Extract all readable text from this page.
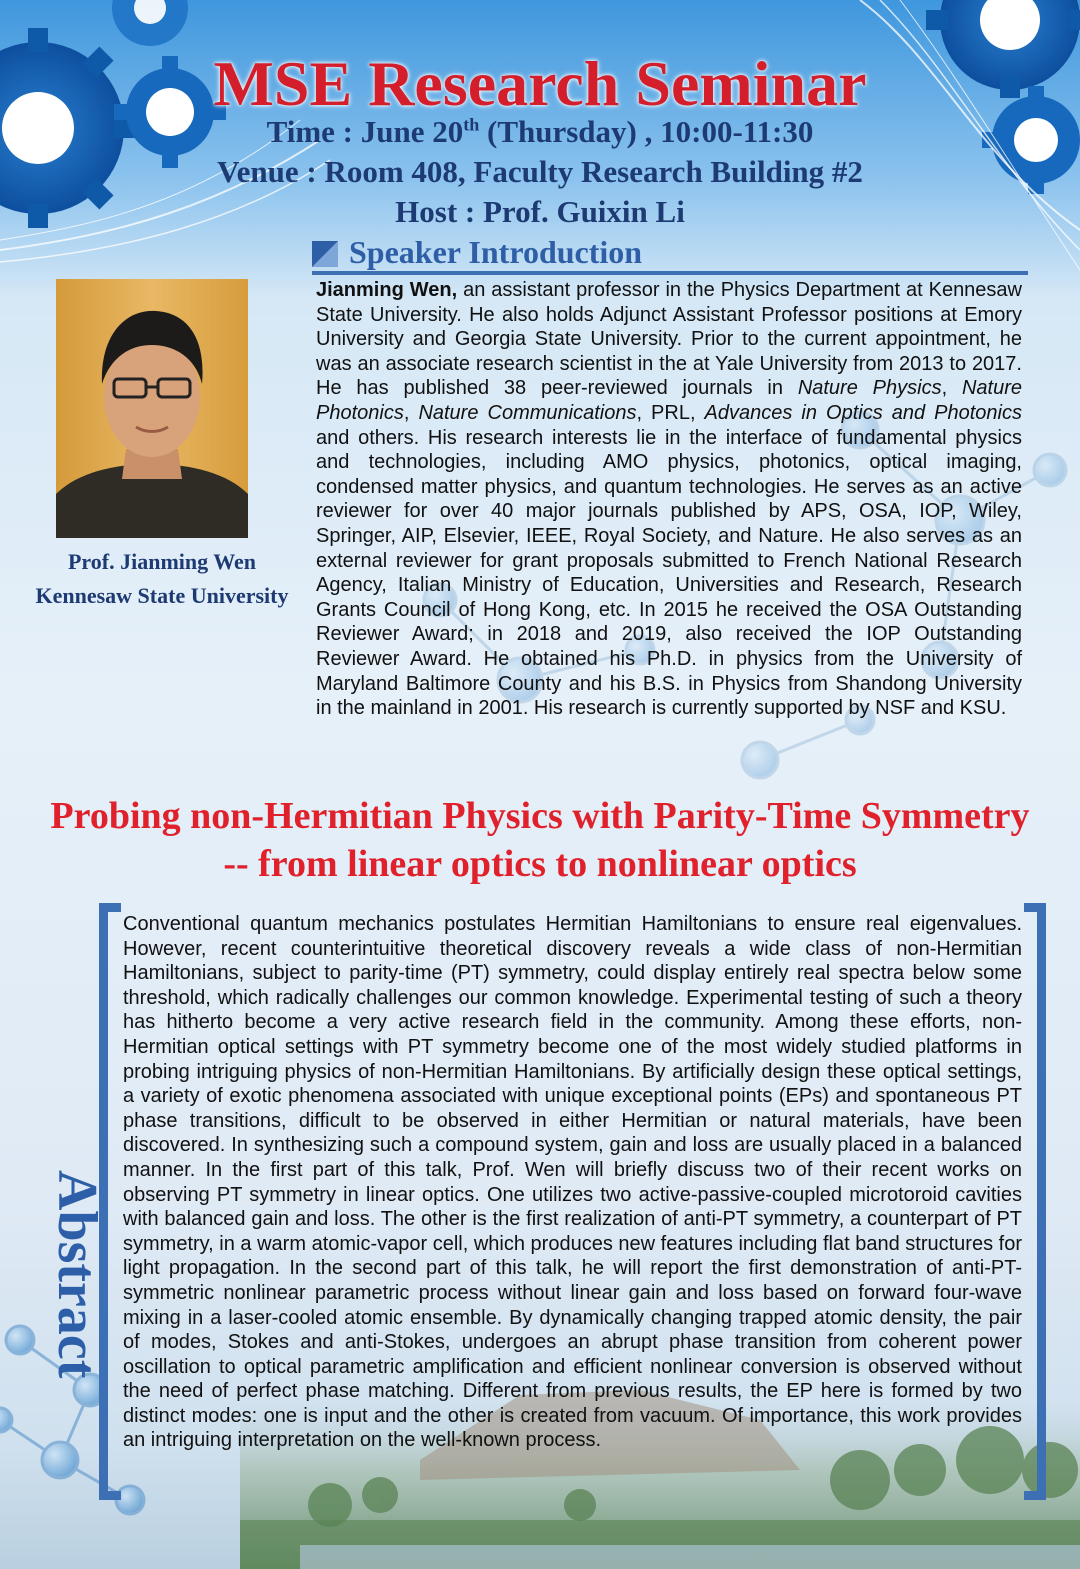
MSE Research Seminar
Time : June 20th (Thursday) , 10:00-11:30
Venue : Room 408, Faculty Research Building #2
Host : Prof. Guixin Li
Speaker Introduction
Prof. Jianming Wen
Kennesaw State University
Jianming Wen, an assistant professor in the Physics Department at Kennesaw State University. He also holds Adjunct Assistant Professor positions at Emory University and Georgia State University. Prior to the current appointment, he was an associate research scientist in the at Yale University from 2013 to 2017. He has published 38 peer-reviewed journals in Nature Physics, Nature Photonics, Nature Communications, PRL, Advances in Optics and Photonics and others. His research interests lie in the interface of fundamental physics and technologies, including AMO physics, photonics, optical imaging, condensed matter physics, and quantum technologies. He serves as an active reviewer for over 40 major journals published by APS, OSA, IOP, Wiley, Springer, AIP, Elsevier, IEEE, Royal Society, and Nature. He also serves as an external reviewer for grant proposals submitted to French National Research Agency, Italian Ministry of Education, Universities and Research, Research Grants Council of Hong Kong, etc. In 2015 he received the OSA Outstanding Reviewer Award; in 2018 and 2019, also received the IOP Outstanding Reviewer Award. He obtained his Ph.D. in physics from the University of Maryland Baltimore County and his B.S. in Physics from Shandong University in the mainland in 2001. His research is currently supported by NSF and KSU.
Probing non-Hermitian Physics with Parity-Time Symmetry
-- from linear optics to nonlinear optics
Abstract
Conventional quantum mechanics postulates Hermitian Hamiltonians to ensure real eigenvalues. However, recent counterintuitive theoretical discovery reveals a wide class of non-Hermitian Hamiltonians, subject to parity-time (PT) symmetry, could display entirely real spectra below some threshold, which radically challenges our common knowledge. Experimental testing of such a theory has hitherto become a very active research field in the community. Among these efforts, non-Hermitian optical settings with PT symmetry become one of the most widely studied platforms in probing intriguing physics of non-Hermitian Hamiltonians. By artificially design these optical settings, a variety of exotic phenomena associated with unique exceptional points (EPs) and spontaneous PT phase transitions, difficult to be observed in either Hermitian or natural materials, have been discovered. In synthesizing such a compound system, gain and loss are usually placed in a balanced manner. In the first part of this talk, Prof. Wen will briefly discuss two of their recent works on observing PT symmetry in linear optics. One utilizes two active-passive-coupled microtoroid cavities with balanced gain and loss. The other is the first realization of anti-PT symmetry, a counterpart of PT symmetry, in a warm atomic-vapor cell, which produces new features including flat band structures for light propagation. In the second part of this talk, he will report the first demonstration of anti-PT-symmetric nonlinear parametric process without linear gain and loss based on forward four-wave mixing in a laser-cooled atomic ensemble. By dynamically changing trapped atomic density, the pair of modes, Stokes and anti-Stokes, undergoes an abrupt phase transition from coherent power oscillation to optical parametric amplification and efficient nonlinear conversion is observed without the need of perfect phase matching. Different from previous results, the EP here is formed by two distinct modes: one is input and the other is created from vacuum. Of importance, this work provides an intriguing interpretation on the well-known process.
